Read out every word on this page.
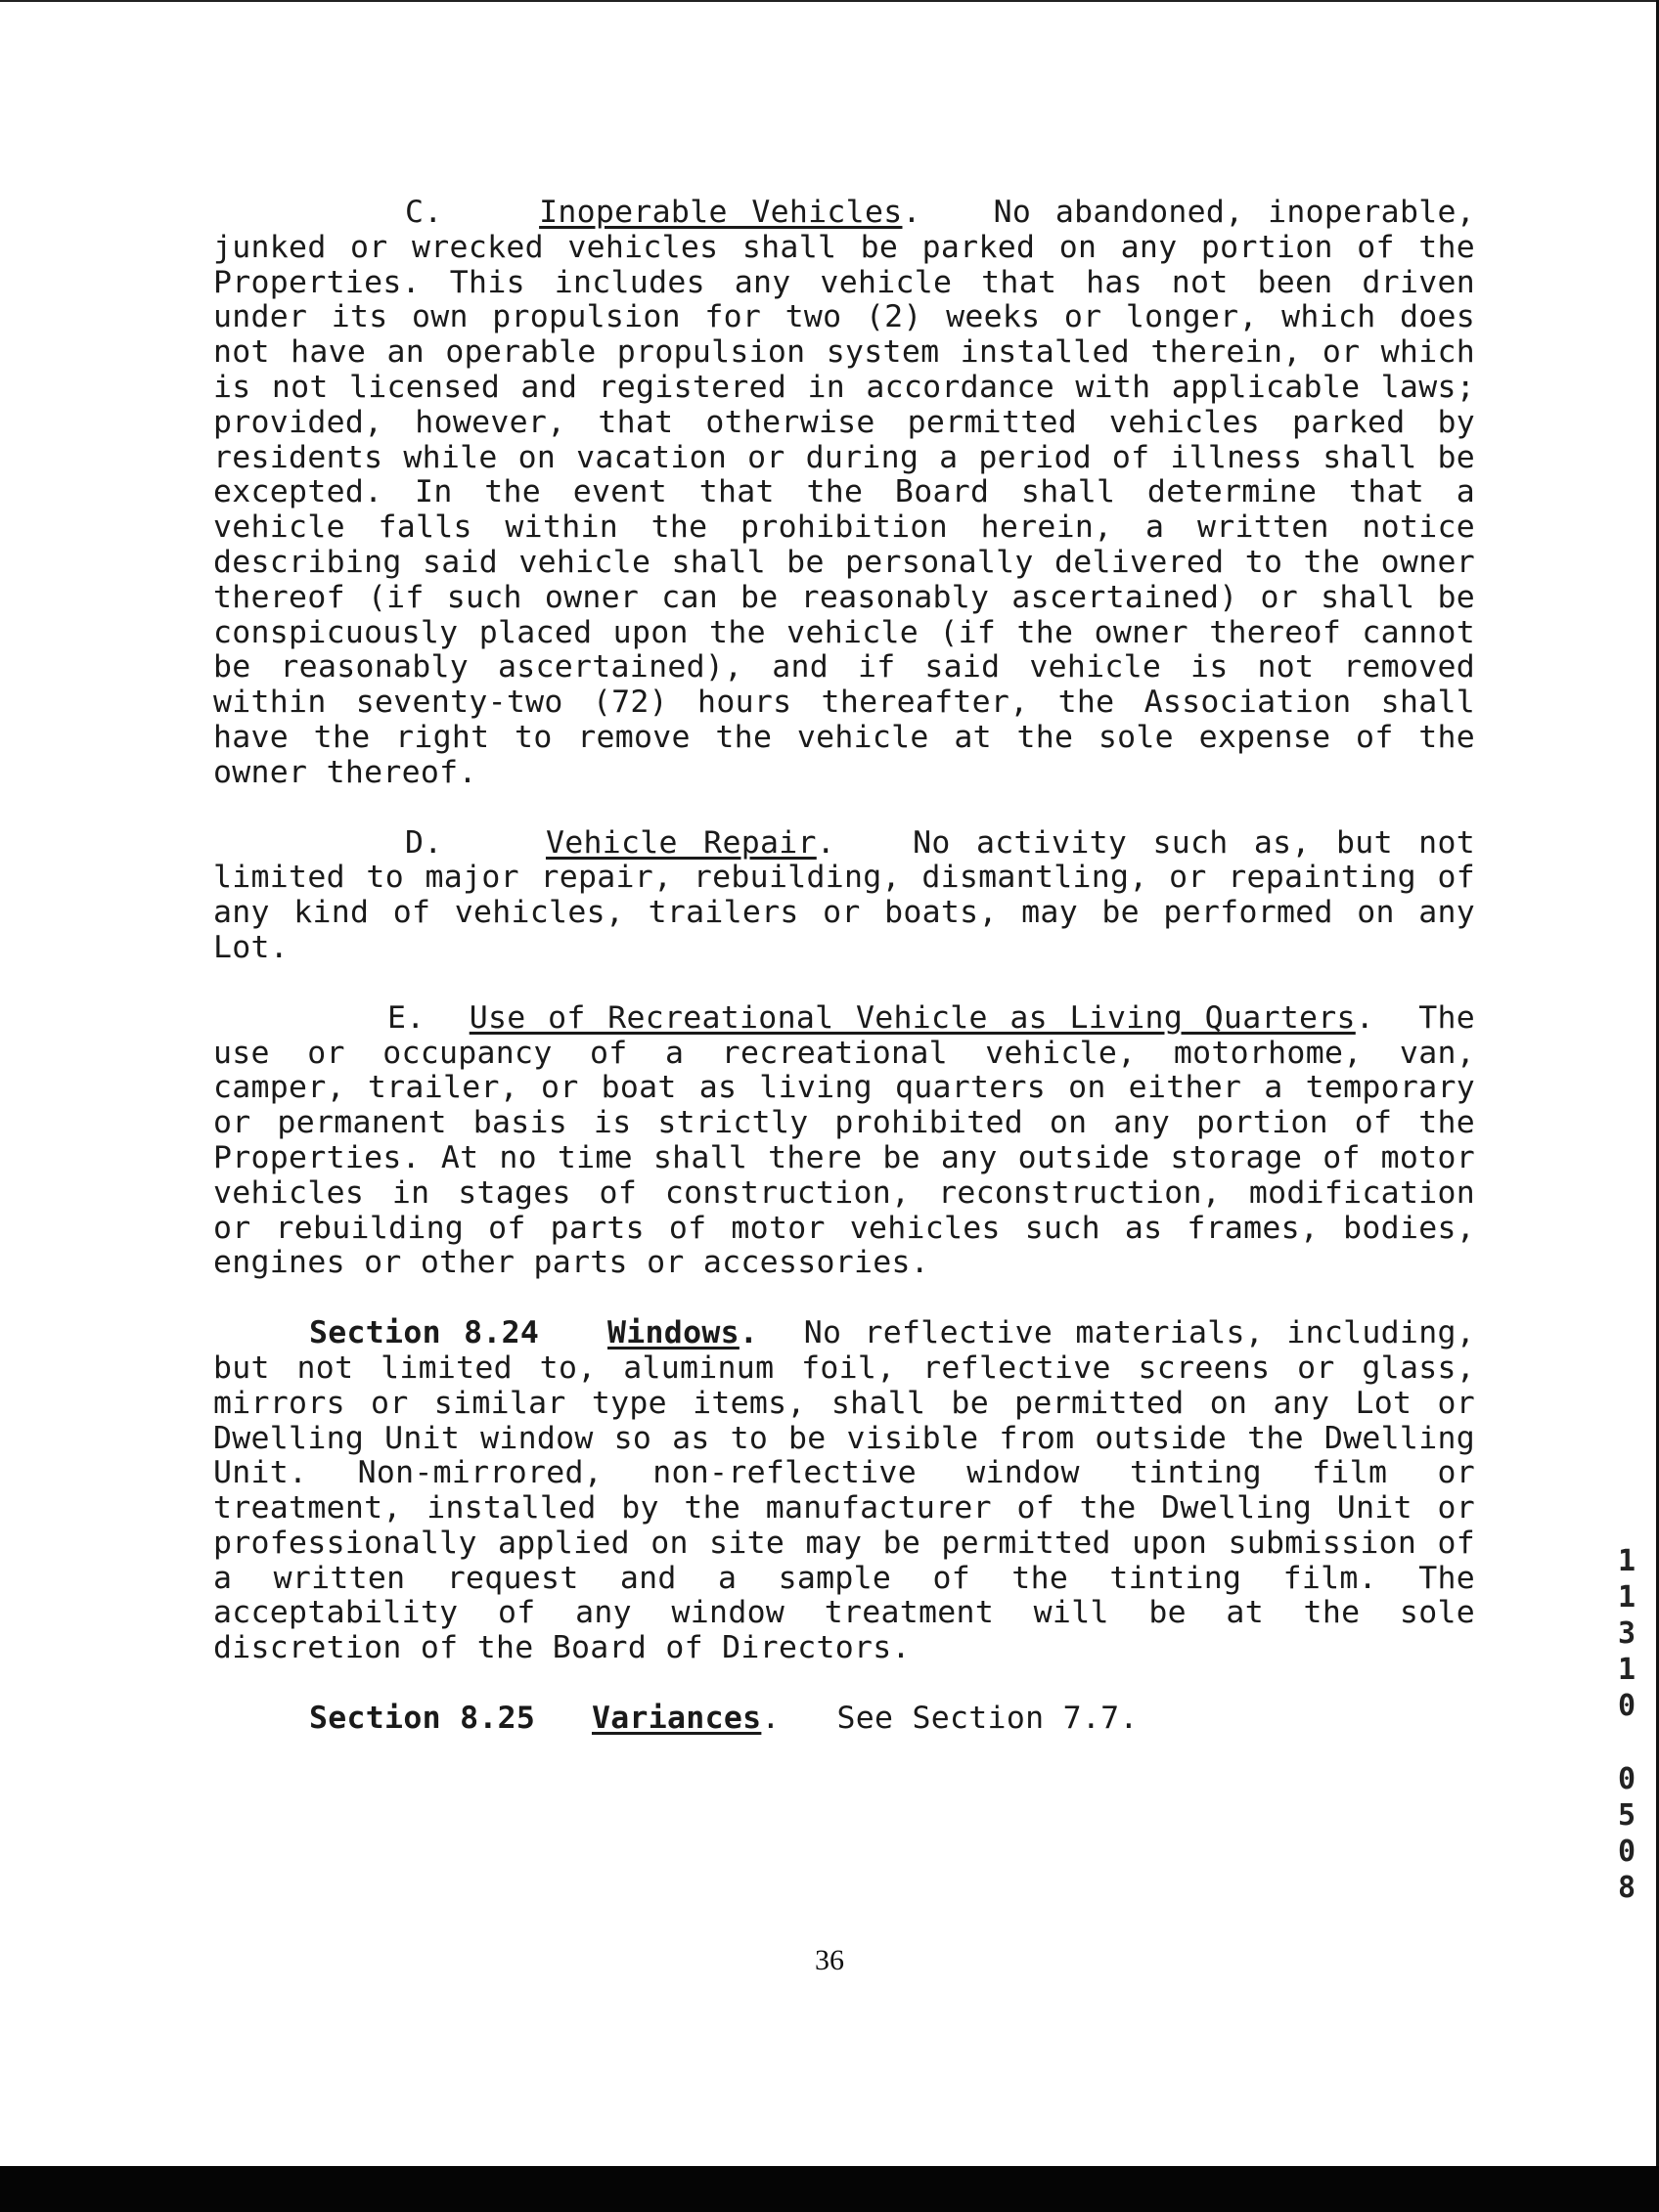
C.	Inoperable Vehicles. No abandoned, inoperable, junked or wrecked vehicles shall be parked on any portion of the Properties. This includes any vehicle that has not been driven under its own propulsion for two (2) weeks or longer, which does not have an operable propulsion system installed therein, or which is not licensed and registered in accordance with applicable laws; provided, however, that otherwise permitted vehicles parked by residents while on vacation or during a period of illness shall be excepted. In the event that the Board shall determine that a vehicle falls within the prohibition herein, a written notice describing said vehicle shall be personally delivered to the owner thereof (if such owner can be reasonably ascertained) or shall be conspicuously placed upon the vehicle (if the owner thereof cannot be reasonably ascertained), and if said vehicle is not removed within seventy-two (72) hours thereafter, the Association shall have the right to remove the vehicle at the sole expense of the owner thereof.

D.	Vehicle Repair.	No activity such as, but not limited to major repair, rebuilding, dismantling, or repainting of any kind of vehicles, trailers or boats, may be performed on any Lot.

E. Use of Recreational Vehicle as Living Quarters. The use or occupancy of a recreational vehicle, motorhome, van, camper, trailer, or boat as living quarters on either a temporary or permanent basis is strictly prohibited on any portion of the Properties. At no time shall there be any outside storage of motor vehicles in stages of construction, reconstruction, modification or rebuilding of parts of motor vehicles such as frames, bodies, engines or other parts or accessories.

Section 8.24 Windows. No reflective materials, including, but not limited to, aluminum foil, reflective screens or glass, mirrors or similar type items, shall be permitted on any Lot or Dwelling Unit window so as to be visible from outside the Dwelling Unit. Non-mirrored, non-reflective window tinting film or treatment, installed by the manufacturer of the Dwelling Unit or professionally applied on site may be permitted upon submission of a written request and a sample of the tinting film. The acceptability of any window treatment will be at the sole discretion of the Board of Directors.

Section 8.25 Variances. See Section 7.7.

36
1
1
3
1
0
0
5
0
8
